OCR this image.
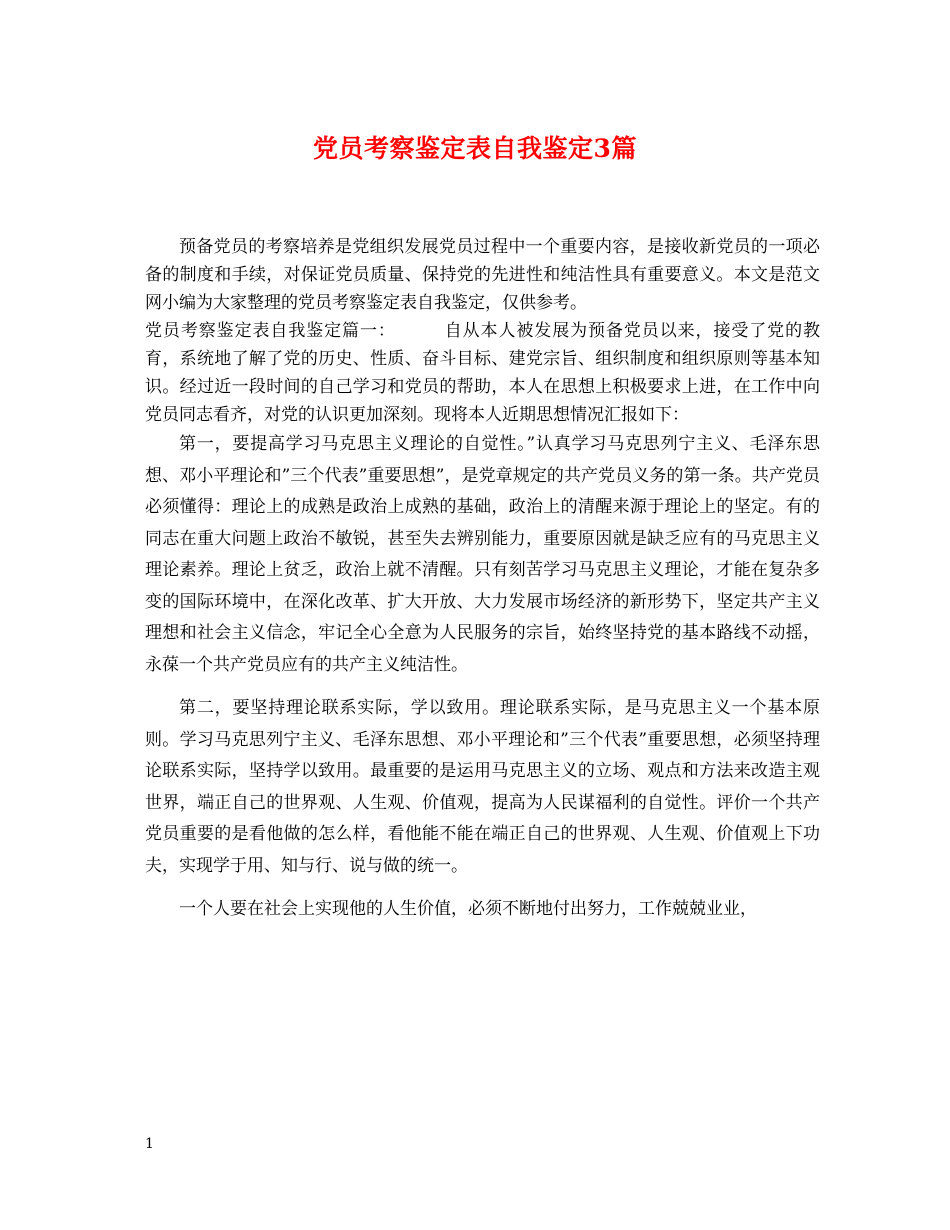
党员考察鉴定表自我鉴定3篇

预备党员的考察培养是党组织发展党员过程中一个重要内容，是接收新党员的一项必备的制度和手续，对保证党员质量、保持党的先进性和纯洁性具有重要意义。本文是范文网小编为大家整理的党员考察鉴定表自我鉴定，仅供参考。

党员考察鉴定表自我鉴定篇一：	自从本人被发展为预备党员以来，接受了党的教育，系统地了解了党的历史、性质、奋斗目标、建党宗旨、组织制度和组织原则等基本知识。经过近一段时间的自己学习和党员的帮助，本人在思想上积极要求上进，在工作中向党员同志看齐，对党的认识更加深刻。现将本人近期思想情况汇报如下：

第一，要提高学习马克思主义理论的自觉性。”认真学习马克思列宁主义、毛泽东思想、邓小平理论和”三个代表”重要思想”，是党章规定的共产党员义务的第一条。共产党员必须懂得：理论上的成熟是政治上成熟的基础，政治上的清醒来源于理论上的坚定。有的同志在重大问题上政治不敏锐，甚至失去辨别能力，重要原因就是缺乏应有的马克思主义理论素养。理论上贫乏，政治上就不清醒。只有刻苦学习马克思主义理论，才能在复杂多变的国际环境中，在深化改革、扩大开放、大力发展市场经济的新形势下，坚定共产主义理想和社会主义信念，牢记全心全意为人民服务的宗旨，始终坚持党的基本路线不动摇，永葆一个共产党员应有的共产主义纯洁性。

第二，要坚持理论联系实际，学以致用。理论联系实际，是马克思主义一个基本原则。学习马克思列宁主义、毛泽东思想、邓小平理论和”三个代表”重要思想，必须坚持理论联系实际，坚持学以致用。最重要的是运用马克思主义的立场、观点和方法来改造主观世界，端正自己的世界观、人生观、价值观，提高为人民谋福利的自觉性。评价一个共产党员重要的是看他做的怎么样，看他能不能在端正自己的世界观、人生观、价值观上下功夫，实现学于用、知与行、说与做的统一。

一个人要在社会上实现他的人生价值，必须不断地付出努力，工作兢兢业业，

1
